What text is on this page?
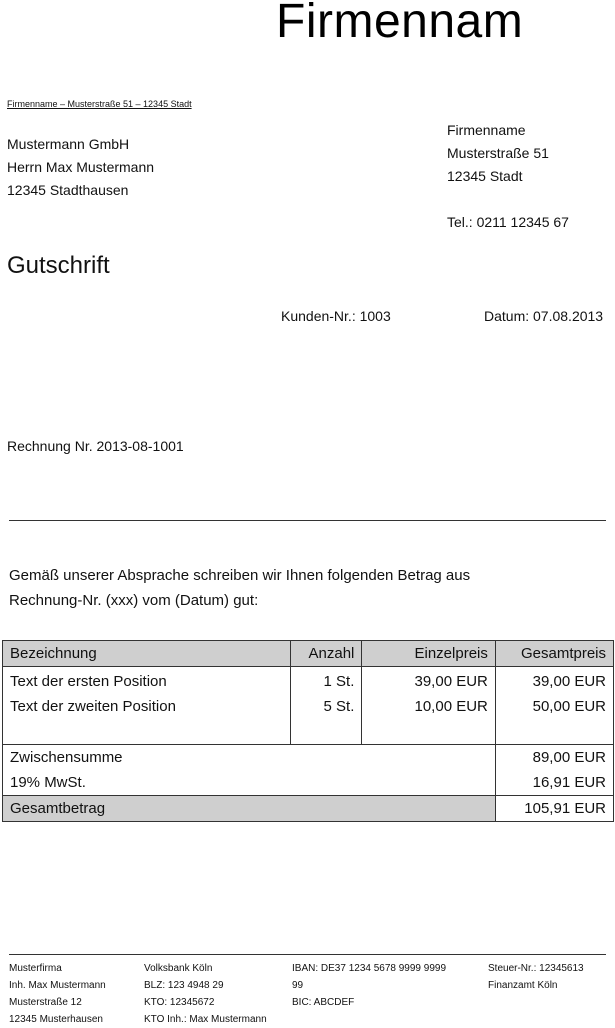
Firmennam
Firmenname – Musterstraße 51 – 12345 Stadt
Mustermann GmbH
Herrn Max Mustermann
12345 Stadthausen
Firmenname
Musterstraße 51
12345 Stadt
Tel.: 0211 12345 67
Gutschrift
Kunden-Nr.: 1003	Datum: 07.08.2013
Rechnung Nr. 2013-08-1001
Gemäß unserer Absprache schreiben wir Ihnen folgenden Betrag aus
Rechnung-Nr. (xxx) vom (Datum) gut:
Bezeichnung	Anzahl	Einzelpreis	Gesamtpreis
Text der ersten Position	1 St.	39,00 EUR	39,00 EUR
Text der zweiten Position	5 St.	10,00 EUR	50,00 EUR

Zwischensumme			89,00 EUR
19% MwSt.			16,91 EUR
Gesamtbetrag			105,91 EUR
Musterfirma
Inh. Max Mustermann
Musterstraße 12
12345 Musterhausen
Volksbank Köln
BLZ: 123 4948 29
KTO: 12345672
KTO Inh.: Max Mustermann
IBAN: DE37 1234 5678 9999 9999
99
BIC: ABCDEF
Steuer-Nr.: 12345613
Finanzamt Köln
